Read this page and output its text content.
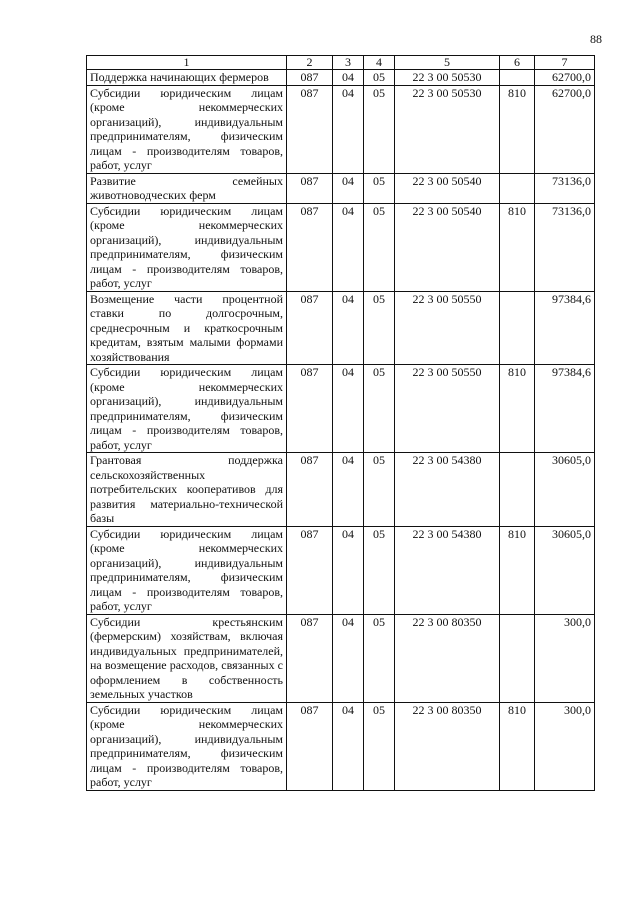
88
1	2	3	4	5	6	7
Поддержка начинающих фермеров	087	04	05	22 3 00 50530		62700,0
Субсидии юридическим лицам (кроме некоммерческих организаций), индивидуальным предпринимателям, физическим лицам - производителям товаров, работ, услуг	087	04	05	22 3 00 50530	810	62700,0
Развитие семейных животноводческих ферм	087	04	05	22 3 00 50540		73136,0
Субсидии юридическим лицам (кроме некоммерческих организаций), индивидуальным предпринимателям, физическим лицам - производителям товаров, работ, услуг	087	04	05	22 3 00 50540	810	73136,0
Возмещение части процентной ставки по долгосрочным, среднесрочным и краткосрочным кредитам, взятым малыми формами хозяйствования	087	04	05	22 3 00 50550		97384,6
Субсидии юридическим лицам (кроме некоммерческих организаций), индивидуальным предпринимателям, физическим лицам - производителям товаров, работ, услуг	087	04	05	22 3 00 50550	810	97384,6
Грантовая поддержка сельскохозяйственных потребительских кооперативов для развития материально-технической базы	087	04	05	22 3 00 54380		30605,0
Субсидии юридическим лицам (кроме некоммерческих организаций), индивидуальным предпринимателям, физическим лицам - производителям товаров, работ, услуг	087	04	05	22 3 00 54380	810	30605,0
Субсидии крестьянским (фермерским) хозяйствам, включая индивидуальных предпринимателей, на возмещение расходов, связанных с оформлением в собственность земельных участков	087	04	05	22 3 00 80350		300,0
Субсидии юридическим лицам (кроме некоммерческих организаций), индивидуальным предпринимателям, физическим лицам - производителям товаров, работ, услуг	087	04	05	22 3 00 80350	810	300,0
